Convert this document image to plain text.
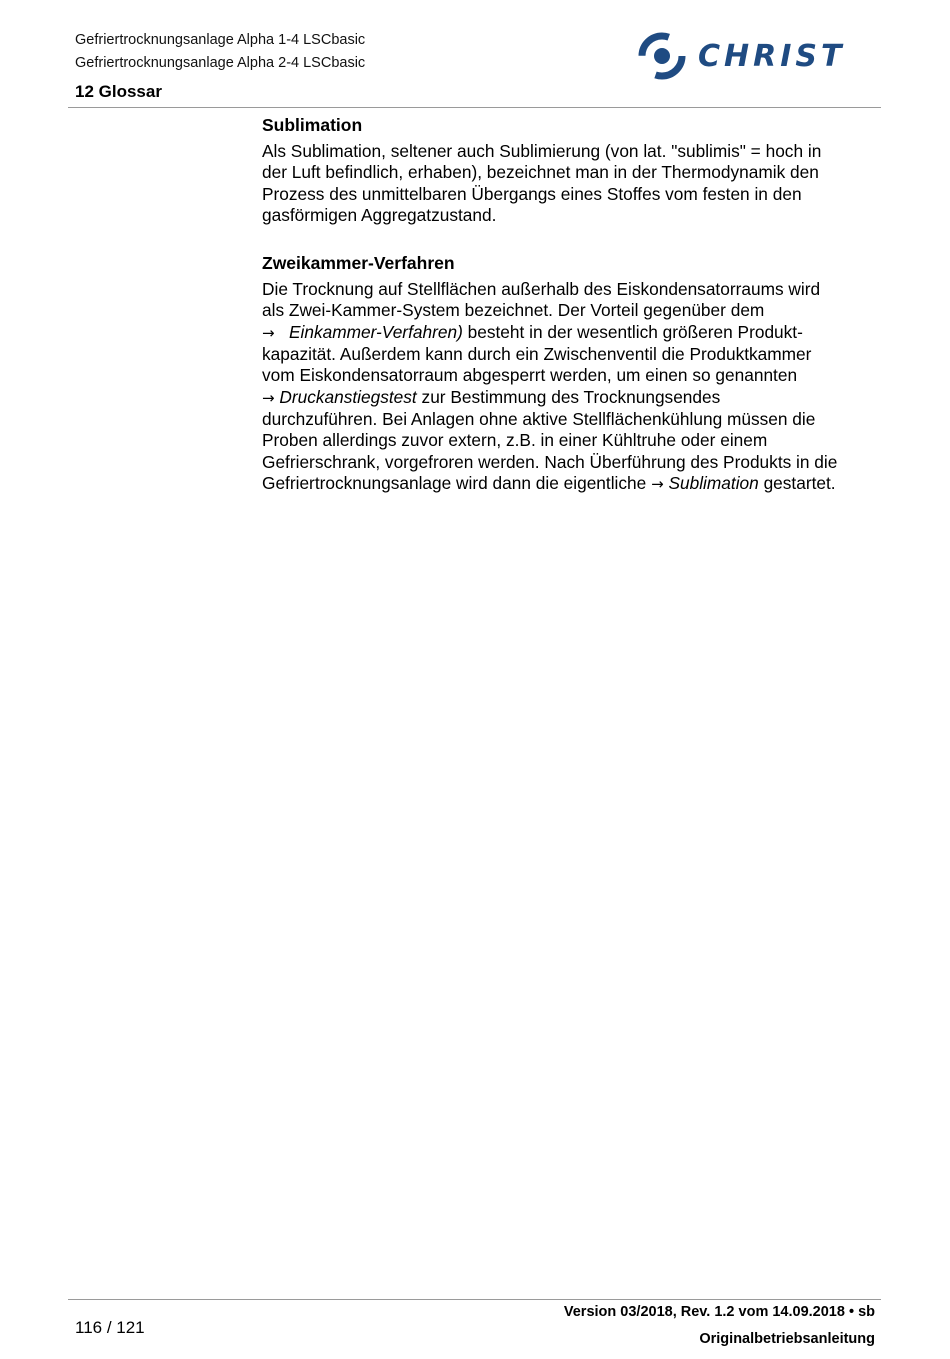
Gefriertrocknungsanlage Alpha 1-4 LSCbasic
Gefriertrocknungsanlage Alpha 2-4 LSCbasic
12 Glossar
CHRIST
Sublimation

Als Sublimation, seltener auch Sublimierung (von lat. "sublimis" = hoch in
der Luft befindlich, erhaben), bezeichnet man in der Thermodynamik den
Prozess des unmittelbaren Übergangs eines Stoffes vom festen in den
gasförmigen Aggregatzustand.

Zweikammer-Verfahren

Die Trocknung auf Stellflächen außerhalb des Eiskondensatorraums wird
als Zwei-Kammer-System bezeichnet. Der Vorteil gegenüber dem
→ Einkammer-Verfahren) besteht in der wesentlich größeren Produkt-
kapazität. Außerdem kann durch ein Zwischenventil die Produktkammer
vom Eiskondensatorraum abgesperrt werden, um einen so genannten
→ Druckanstiegstest zur Bestimmung des Trocknungsendes
durchzuführen. Bei Anlagen ohne aktive Stellflächenkühlung müssen die
Proben allerdings zuvor extern, z.B. in einer Kühltruhe oder einem
Gefrierschrank, vorgefroren werden. Nach Überführung des Produkts in die
Gefriertrocknungsanlage wird dann die eigentliche → Sublimation gestartet.

116 / 121
Version 03/2018, Rev. 1.2 vom 14.09.2018 • sb
Originalbetriebsanleitung
